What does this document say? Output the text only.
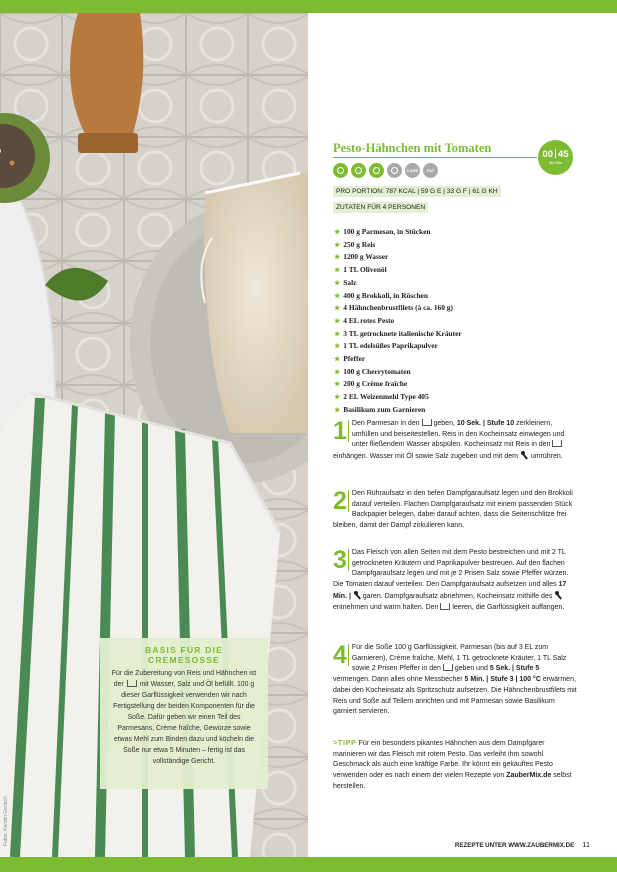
BASIS FÜR DIE CREMESOSSE
Für die Zubereitung von Reis und Hähnchen ist der  mit Wasser, Salz und Öl befüllt. 100 g dieser Garflüssigkeit verwenden wir nach Fertigstellung der beiden Komponenten für die Soße. Dafür geben wir einen Teil des Parmesans, Crème fraîche, Gewürze sowie etwas Mehl zum Binden dazu und köcheln die Soße nur etwa 5 Minuten – fertig ist das vollständige Gericht.
Fotos: Kerstin Gerlach
Pesto-Hähnchen mit Tomaten	00 45
Std Min
CARB	FAT
PRO PORTION: 787 KCAL | 59 G E | 33 G F | 61 G KH
ZUTATEN FÜR 4 PERSONEN
★ 100 g Parmesan, in Stücken
★ 250 g Reis
★ 1200 g Wasser
★ 1 TL Olivenöl
★ Salz
★ 400 g Brokkoli, in Röschen
★ 4 Hähnchenbrustfilets (à ca. 160 g)
★ 4 EL rotes Pesto
★ 3 TL getrocknete italienische Kräuter
★ 1 TL edelsüßes Paprikapulver
★ Pfeffer
★ 100 g Cherrytomaten
★ 200 g Crème fraîche
★ 2 EL Weizenmehl Type 405
★ Basilikum zum Garnieren
1 Den Parmesan in den  geben, 10 Sek. | Stufe 10 zerkleinern, umfüllen und beiseitestellen. Reis in den Kocheinsatz einwiegen und unter fließendem Wasser abspülen. Kocheinsatz mit Reis in den  einhängen. Wasser mit Öl sowie Salz zugeben und mit dem  umrühren.
2 Den Rühraufsatz in den tiefen Dampfgaraufsatz legen und den Brokkoli darauf verteilen. Flachen Dampfgaraufsatz mit einem passenden Stück Backpapier belegen, dabei darauf achten, dass die Seitenschlitze frei bleiben, damit der Dampf zirkulieren kann.
3 Das Fleisch von allen Seiten mit dem Pesto bestreichen und mit 2 TL getrockneten Kräutern und Paprikapulver bestreuen. Auf den flachen Dampfgaraufsatz legen und mit je 2 Prisen Salz sowie Pfeffer würzen. Die Tomaten darauf verteilen. Den Dampfgaraufsatz aufsetzen und alles 17 Min. |  garen. Dampfgaraufsatz abnehmen, Kocheinsatz mithilfe des  entnehmen und warm halten. Den  leeren, die Garflüssigkeit auffangen.
4 Für die Soße 100 g Garflüssigkeit, Parmesan (bis auf 3 EL zum Garnieren), Crème fraîche, Mehl, 1 TL getrocknete Kräuter, 1 TL Salz sowie 2 Prisen Pfeffer in den  geben und 5 Sek. | Stufe 5 vermengen. Dann alles ohne Messbecher 5 Min. | Stufe 3 | 100 °C erwärmen, dabei den Kocheinsatz als Spritzschutz aufsetzen. Die Hähnchenbrustfilets mit Reis und Soße auf Tellern anrichten und mit Parmesan sowie Basilikum garniert servieren.
>TIPP Für ein besonders pikantes Hähnchen aus dem Dampfgarer marinieren wir das Fleisch mit rotem Pesto. Das verleiht ihm sowohl Geschmack als auch eine kräftige Farbe. Ihr könnt ein gekauftes Pesto verwenden oder es nach einem der vielen Rezepte von ZauberMix.de selbst herstellen.
REZEPTE UNTER WWW.ZAUBERMIX.DE 11
